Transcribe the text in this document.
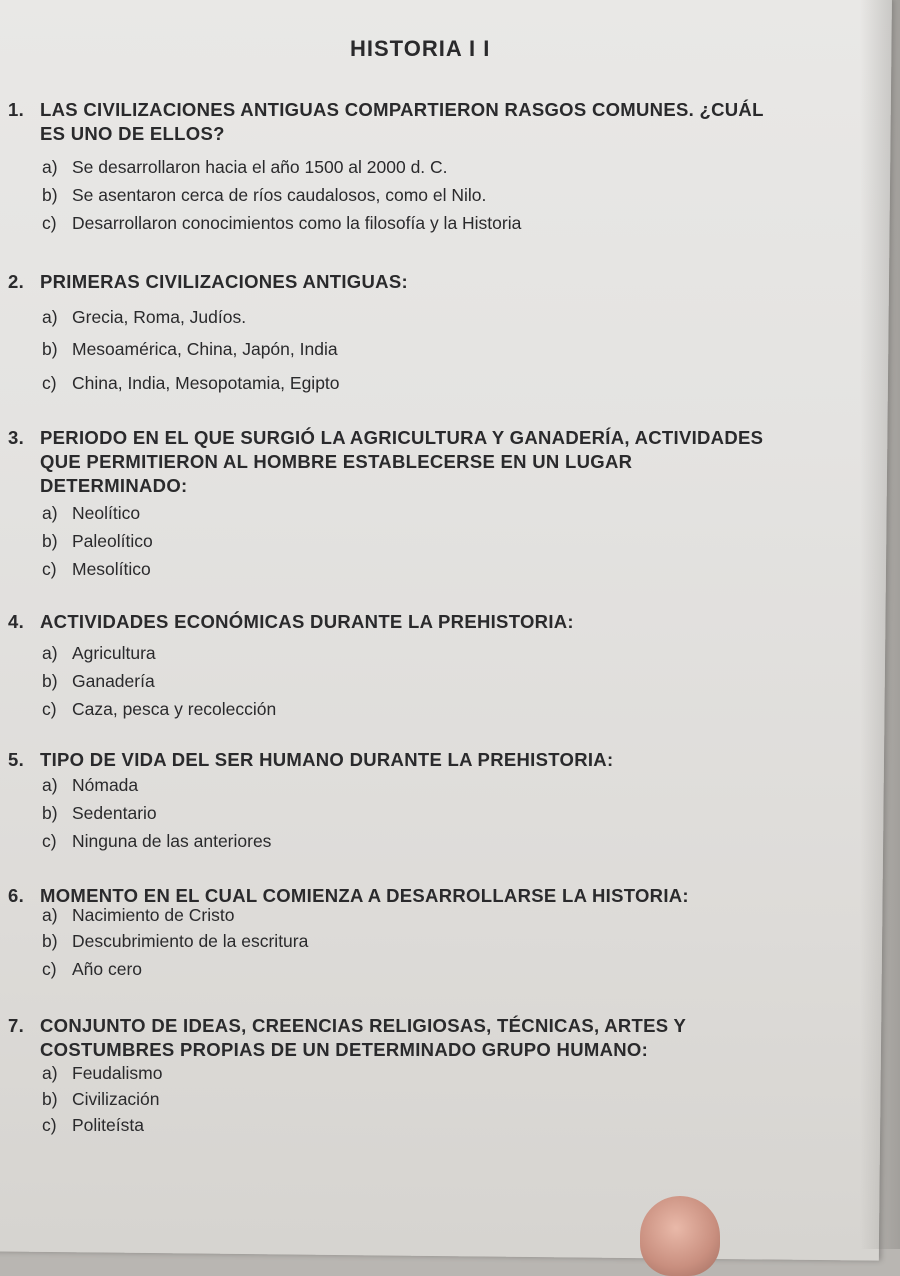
HISTORIA I I
1. LAS CIVILIZACIONES ANTIGUAS COMPARTIERON RASGOS COMUNES. ¿CUÁL
ES UNO DE ELLOS?
a) Se desarrollaron hacia el año 1500 al 2000 d. C.
b) Se asentaron cerca de ríos caudalosos, como el Nilo.
c) Desarrollaron conocimientos como la filosofía y la Historia
2. PRIMERAS CIVILIZACIONES ANTIGUAS:
a) Grecia, Roma, Judíos.
b) Mesoamérica, China, Japón, India
c) China, India, Mesopotamia, Egipto
3. PERIODO EN EL QUE SURGIÓ LA AGRICULTURA Y GANADERÍA, ACTIVIDADES
QUE PERMITIERON AL HOMBRE ESTABLECERSE EN UN LUGAR
DETERMINADO:
a) Neolítico
b) Paleolítico
c) Mesolítico
4. ACTIVIDADES ECONÓMICAS DURANTE LA PREHISTORIA:
a) Agricultura
b) Ganadería
c) Caza, pesca y recolección
5. TIPO DE VIDA DEL SER HUMANO DURANTE LA PREHISTORIA:
a) Nómada
b) Sedentario
c) Ninguna de las anteriores
6. MOMENTO EN EL CUAL COMIENZA A DESARROLLARSE LA HISTORIA:
a) Nacimiento de Cristo
b) Descubrimiento de la escritura
c) Año cero
7. CONJUNTO DE IDEAS, CREENCIAS RELIGIOSAS, TÉCNICAS, ARTES Y
COSTUMBRES PROPIAS DE UN DETERMINADO GRUPO HUMANO:
a) Feudalismo
b) Civilización
c) Politeísta
